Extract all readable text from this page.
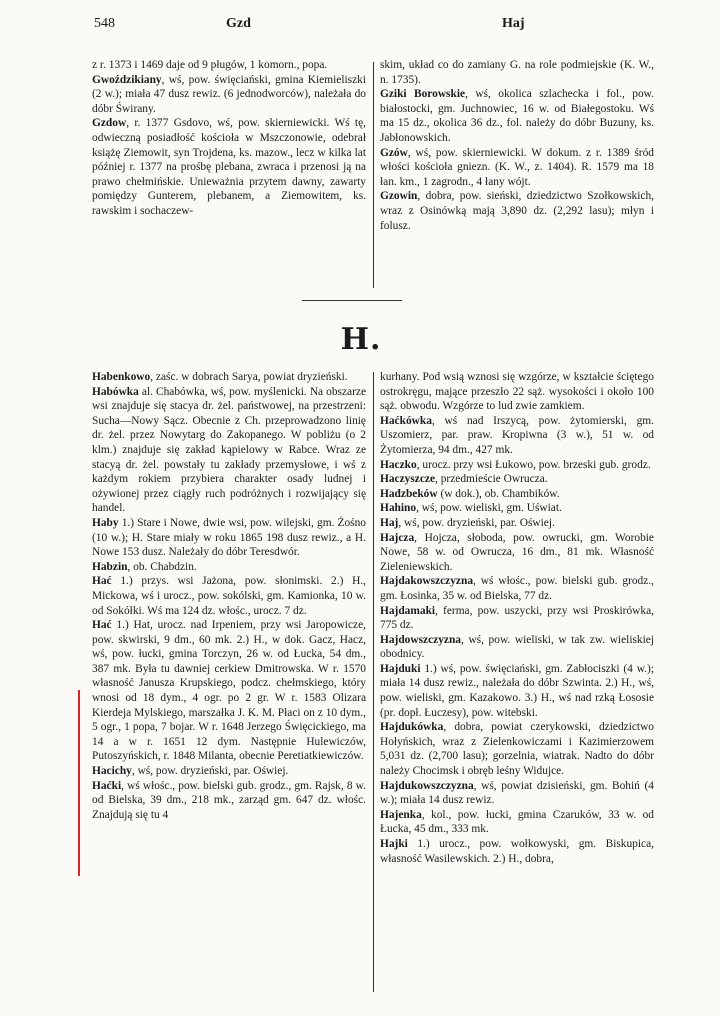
548	Gzd	Haj

z r. 1373 i 1469 daje od 9 pługów, 1 komorn., popa.

Gwoździkiany, wś, pow. święciański, gmina Kiemieliszki (2 w.); miała 47 dusz rewiz. (6 jednodworców), należała do dóbr Świrany.

Gzdow, r. 1377 Gsdovo, wś, pow. skierniewicki. Wś tę, odwieczną posiadłość kościoła w Mszczonowie, odebrał książę Ziemowit, syn Trojdena, ks. mazow., lecz w kilka lat później r. 1377 na prośbę plebana, zwraca i przenosi ją na prawo chełmińskie. Unieważnia przytem dawny, zawarty pomiędzy Gunterem, plebanem, a Ziemowitem, ks. rawskim i sochaczew-

skim, układ co do zamiany G. na role podmiejskie (K. W., n. 1735).

Gziki Borowskie, wś, okolica szlachecka i fol., pow. białostocki, gm. Juchnowiec, 16 w. od Białegostoku. Wś ma 15 dz., okolica 36 dz., fol. należy do dóbr Buzuny, ks. Jabłonowskich.

Gzów, wś, pow. skierniewicki. W dokum. z r. 1389 śród włości kościoła gniezn. (K. W., z. 1404). R. 1579 ma 18 łan. km., 1 zagrodn., 4 łany wójt.

Gzowin, dobra, pow. sieński, dziedzictwo Szołkowskich, wraz z Osinówką mają 3,890 dz. (2,292 lasu); młyn i folusz.

H.

Habenkowo, zaśc. w dobrach Sarya, powiat dryzieński.

Habówka al. Chabówka, wś, pow. myślenicki. Na obszarze wsi znajduje się stacya dr. żel. państwowej, na przestrzeni: Sucha—Nowy Sącz. Obecnie z Ch. przeprowadzono linię dr. żel. przez Nowytarg do Zakopanego. W pobliżu (o 2 klm.) znajduje się zakład kąpielowy w Rabce. Wraz ze stacyą dr. żel. powstały tu zakłady przemysłowe, i wś z każdym rokiem przybiera charakter osady ludnej i ożywionej przez ciągły ruch podróżnych i rozwijający się handel.

Haby 1.) Stare i Nowe, dwie wsi, pow. wilejski, gm. Żośno (10 w.); H. Stare miały w roku 1865 198 dusz rewiz., a H. Nowe 153 dusz. Należały do dóbr Teresdwór.

Habzin, ob. Chabdzin.

Hać 1.) przys. wsi Jażona, pow. słonimski. 2.) H., Mickowa, wś i urocz., pow. sokólski, gm. Kamionka, 10 w. od Sokółki. Wś ma 124 dz. włośc., urocz. 7 dz.

Hać 1.) Hat, urocz. nad Irpeniem, przy wsi Jaropowicze, pow. skwirski, 9 dm., 60 mk. 2.) H., w dok. Gacz, Hacz, wś, pow. łucki, gmina Torczyn, 26 w. od Łucka, 54 dm., 387 mk. Była tu dawniej cerkiew Dmitrowska. W r. 1570 własność Janusza Krupskiego, podcz. chełmskiego, który wnosi od 18 dym., 4 ogr. po 2 gr. W r. 1583 Olizara Kierdeja Mylskiego, marszałka J. K. M. Płaci on z 10 dym., 5 ogr., 1 popa, 7 bojar. W r. 1648 Jerzego Święcickiego, ma 14 a w r. 1651 12 dym. Następnie Hulewiczów, Putoszyńskich, r. 1848 Milanta, obecnie Peretiatkiewiczów.

Hacichy, wś, pow. dryzieński, par. Oświej.

Haćki, wś włośc., pow. bielski gub. grodz., gm. Rajsk, 8 w. od Bielska, 39 dm., 218 mk., zarząd gm. 647 dz. włośc. Znajdują się tu 4

kurhany. Pod wsią wznosi się wzgórze, w kształcie ściętego ostrokręgu, mające przeszło 22 sąż. wysokości i około 100 sąż. obwodu. Wzgórze to lud zwie zamkiem.

Haćkówka, wś nad Irszycą, pow. żytomierski, gm. Uszomierz, par. praw. Kropiwna (3 w.), 51 w. od Żytomierza, 94 dm., 427 mk.

Haczko, urocz. przy wsi Łukowo, pow. brzeski gub. grodz.

Haczyszcze, przedmieście Owrucza.

Hadzbeków (w dok.), ob. Chambików.

Hahino, wś, pow. wieliski, gm. Uświat.

Haj, wś, pow. dryzieński, par. Oświej.

Hajcza, Hojcza, słoboda, pow. owrucki, gm. Worobie Nowe, 58 w. od Owrucza, 16 dm., 81 mk. Własność Zieleniewskich.

Hajdakowszczyzna, wś włośc., pow. bielski gub. grodz., gm. Łosinka, 35 w. od Bielska, 77 dz.

Hajdamaki, ferma, pow. uszycki, przy wsi Proskirówka, 775 dz.

Hajdowszczyzna, wś, pow. wieliski, w tak zw. wieliskiej obodnicy.

Hajduki 1.) wś, pow. święciański, gm. Zabłociszki (4 w.); miała 14 dusz rewiz., należała do dóbr Szwinta. 2.) H., wś, pow. wieliski, gm. Kazakowo. 3.) H., wś nad rzką Łososie (pr. dopł. Łuczesy), pow. witebski.

Hajdukówka, dobra, powiat czerykowski, dziedzictwo Hołyńskich, wraz z Zielenkowiczami i Kazimierzowem 5,031 dz. (2,700 lasu); gorzelnia, wiatrak. Nadto do dóbr należy Chocimsk i obręb leśny Widujce.

Hajdukowszczyzna, wś, powiat dzisieński, gm. Bohiń (4 w.); miała 14 dusz rewiz.

Hajenka, kol., pow. łucki, gmina Czaruków, 33 w. od Łucka, 45 dm., 333 mk.

Hajki 1.) urocz., pow. wołkowyski, gm. Biskupica, własność Wasilewskich. 2.) H., dobra,
